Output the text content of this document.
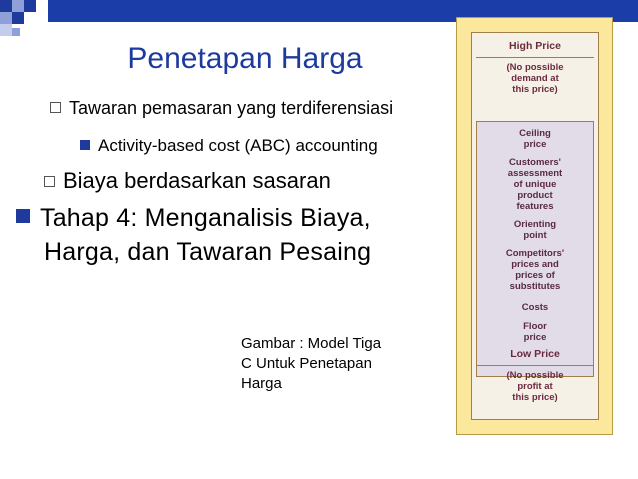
Penetapan Harga
Tawaran pemasaran yang terdiferensiasi
Activity-based cost (ABC) accounting
Biaya berdasarkan sasaran
Tahap 4: Menganalisis Biaya,
Harga, dan Tawaran Pesaing
Gambar : Model Tiga
C Untuk Penetapan
Harga
High Price
(No possible
demand at
this price)
Ceiling
price
Customers'
assessment
of unique
product
features
Orienting
point
Competitors'
prices and
prices of
substitutes
Costs
Floor
price
Low Price
(No possible
profit at
this price)
